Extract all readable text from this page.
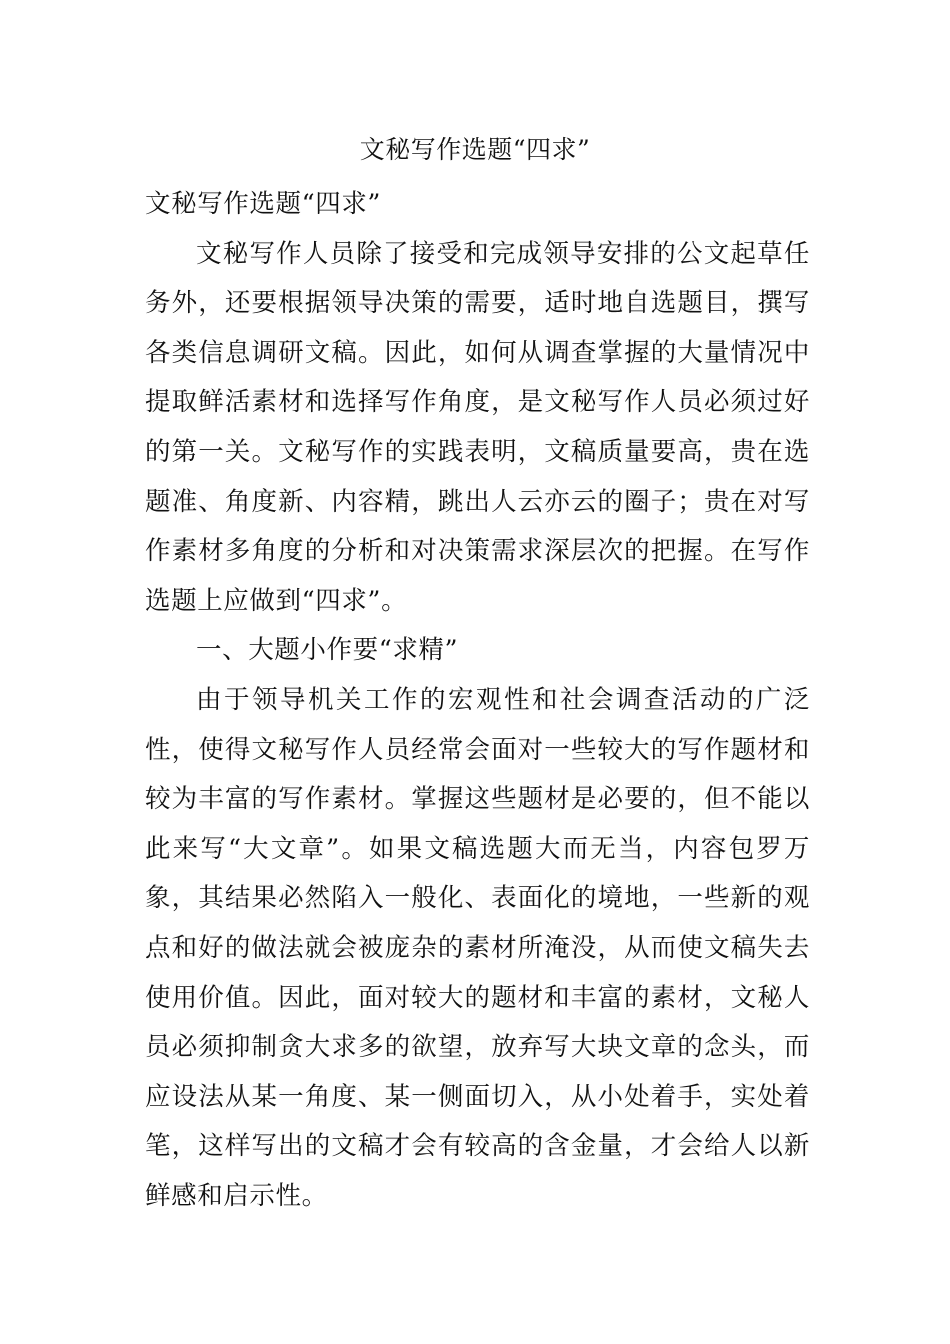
文秘写作选题“四求”

文秘写作选题“四求”

文秘写作人员除了接受和完成领导安排的公文起草任务外，还要根据领导决策的需要，适时地自选题目，撰写各类信息调研文稿。因此，如何从调查掌握的大量情况中提取鲜活素材和选择写作角度，是文秘写作人员必须过好的第一关。文秘写作的实践表明，文稿质量要高，贵在选题准、角度新、内容精，跳出人云亦云的圈子；贵在对写作素材多角度的分析和对决策需求深层次的把握。在写作选题上应做到“四求”。

一、大题小作要“求精”

由于领导机关工作的宏观性和社会调查活动的广泛性，使得文秘写作人员经常会面对一些较大的写作题材和较为丰富的写作素材。掌握这些题材是必要的，但不能以此来写“大文章”。如果文稿选题大而无当，内容包罗万象，其结果必然陷入一般化、表面化的境地，一些新的观点和好的做法就会被庞杂的素材所淹没，从而使文稿失去使用价值。因此，面对较大的题材和丰富的素材，文秘人员必须抑制贪大求多的欲望，放弃写大块文章的念头，而应设法从某一角度、某一侧面切入，从小处着手，实处着笔，这样写出的文稿才会有较高的含金量，才会给人以新鲜感和启示性。
